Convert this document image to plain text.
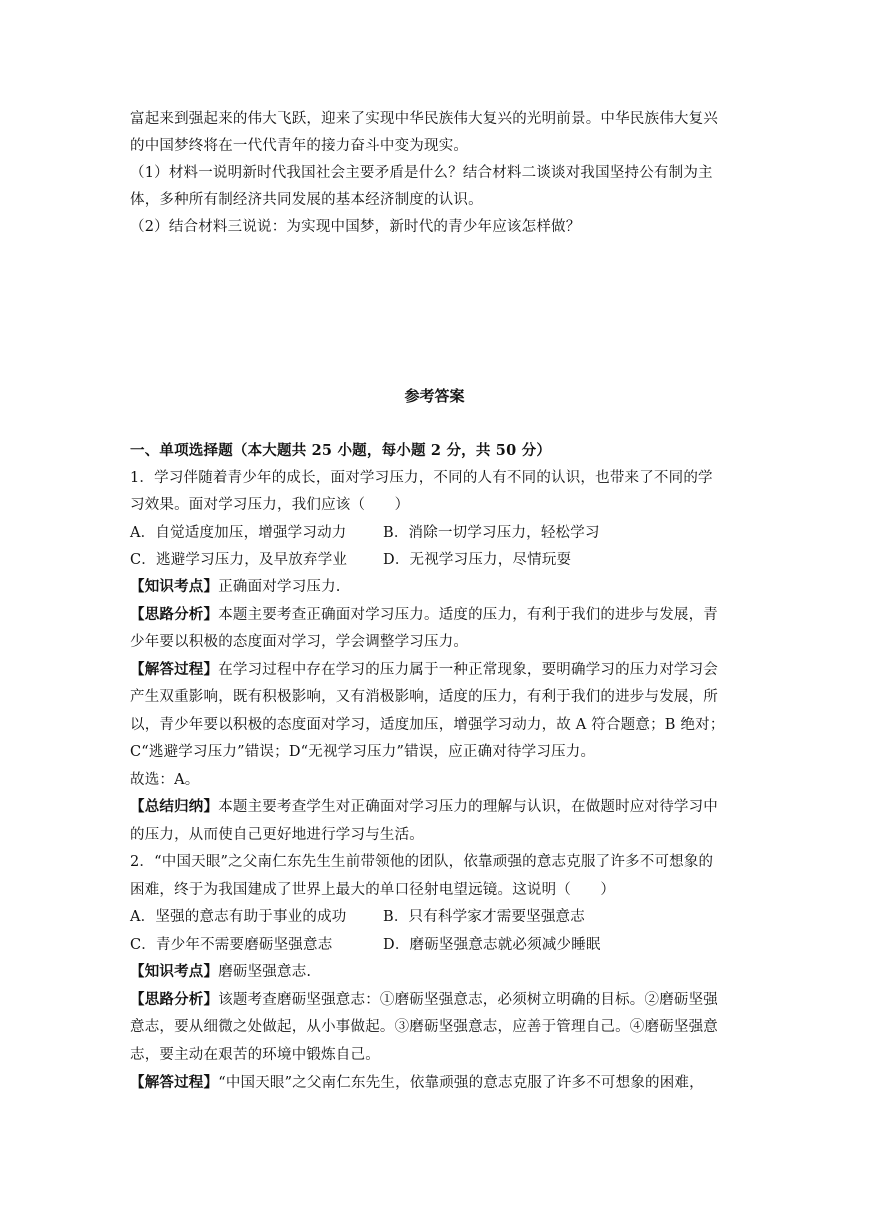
富起来到强起来的伟大飞跃，迎来了实现中华民族伟大复兴的光明前景。中华民族伟大复兴
的中国梦终将在一代代青年的接力奋斗中变为现实。
（1）材料一说明新时代我国社会主要矛盾是什么？结合材料二谈谈对我国坚持公有制为主
体，多种所有制经济共同发展的基本经济制度的认识。
（2）结合材料三说说：为实现中国梦，新时代的青少年应该怎样做？
参考答案
一、单项选择题（本大题共 25 小题，每小题 2 分，共 50 分）
1．学习伴随着青少年的成长，面对学习压力，不同的人有不同的认识，也带来了不同的学
习效果。面对学习压力，我们应该（　　）
A．自觉适度加压，增强学习动力	B．消除一切学习压力，轻松学习
C．逃避学习压力，及早放弃学业 D．无视学习压力，尽情玩耍
【知识考点】正确面对学习压力.
【思路分析】本题主要考查正确面对学习压力。适度的压力，有利于我们的进步与发展，青
少年要以积极的态度面对学习，学会调整学习压力。
【解答过程】在学习过程中存在学习的压力属于一种正常现象，要明确学习的压力对学习会
产生双重影响，既有积极影响，又有消极影响，适度的压力，有利于我们的进步与发展，所
以，青少年要以积极的态度面对学习，适度加压，增强学习动力，故 A 符合题意；B 绝对；
C“逃避学习压力”错误；D“无视学习压力”错误，应正确对待学习压力。
故选：A。
【总结归纳】本题主要考查学生对正确面对学习压力的理解与认识，在做题时应对待学习中
的压力，从而使自己更好地进行学习与生活。
2．“中国天眼”之父南仁东先生生前带领他的团队，依靠顽强的意志克服了许多不可想象的
困难，终于为我国建成了世界上最大的单口径射电望远镜。这说明（　　）
A．坚强的意志有助于事业的成功	B．只有科学家才需要坚强意志
C．青少年不需要磨砺坚强意志	D．磨砺坚强意志就必须减少睡眠
【知识考点】磨砺坚强意志.
【思路分析】该题考查磨砺坚强意志：①磨砺坚强意志，必须树立明确的目标。②磨砺坚强
意志，要从细微之处做起，从小事做起。③磨砺坚强意志，应善于管理自己。④磨砺坚强意
志，要主动在艰苦的环境中锻炼自己。
【解答过程】“中国天眼”之父南仁东先生，依靠顽强的意志克服了许多不可想象的困难，
